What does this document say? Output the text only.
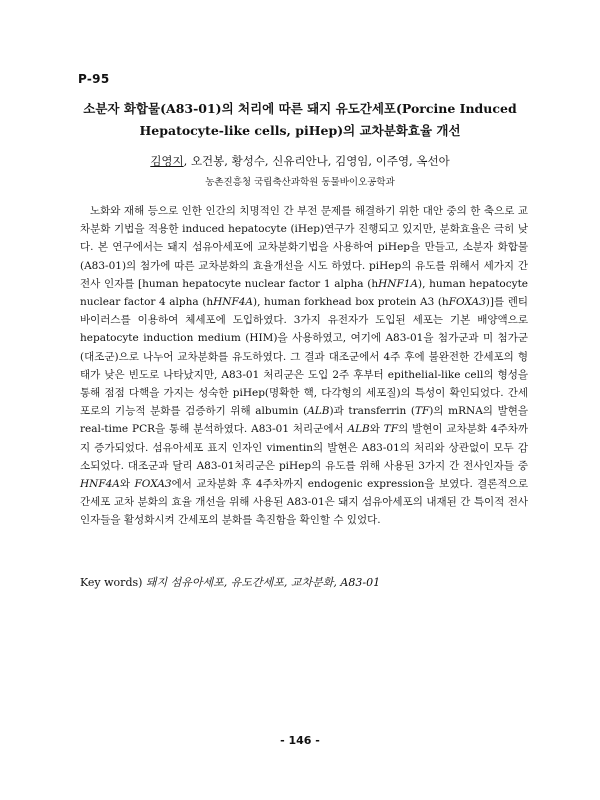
P-95
소분자 화합물(A83-01)의 처리에 따른 돼지 유도간세포(Porcine Induced
Hepatocyte-like cells, piHep)의 교차분화효율 개선
김영지, 오건봉, 황성수, 신유리안나, 김영임, 이주영, 옥선아
농촌진흥청 국립축산과학원 동물바이오공학과
노화와 재해 등으로 인한 인간의 치명적인 간 부전 문제를 해결하기 위한 대안 중의 한 축으로 교차분화 기법을 적용한 induced hepatocyte (iHep)연구가 진행되고 있지만, 분화효율은 극히 낮다. 본 연구에서는 돼지 섬유아세포에 교차분화기법을 사용하여 piHep을 만들고, 소분자 화합물(A83-01)의 첨가에 따른 교차분화의 효율개선을 시도 하였다. piHep의 유도를 위해서 세가지 간 전사 인자를 [human hepatocyte nuclear factor 1 alpha (hHNF1A), human hepatocyte nuclear factor 4 alpha (hHNF4A), human forkhead box protein A3 (hFOXA3)]를 렌티바이러스를 이용하여 체세포에 도입하였다. 3가지 유전자가 도입된 세포는 기본 배양액으로 hepatocyte induction medium (HIM)을 사용하였고, 여기에 A83-01을 첨가군과 미 첨가군(대조군)으로 나누어 교차분화를 유도하였다. 그 결과 대조군에서 4주 후에 불완전한 간세포의 형태가 낮은 빈도로 나타났지만, A83-01 처리군은 도입 2주 후부터 epithelial-like cell의 형성을 통해 점점 다핵을 가지는 성숙한 piHep(명확한 핵, 다각형의 세포질)의 특성이 확인되었다. 간세포로의 기능적 분화를 검증하기 위해 albumin (ALB)과 transferrin (TF)의 mRNA의 발현을 real-time PCR을 통해 분석하였다. A83-01 처리군에서 ALB와 TF의 발현이 교차분화 4주차까지 증가되었다. 섬유아세포 표지 인자인 vimentin의 발현은 A83-01의 처리와 상관없이 모두 감소되었다. 대조군과 달리 A83-01처리군은 piHep의 유도를 위해 사용된 3가지 간 전사인자들 중 HNF4A와 FOXA3에서 교차분화 후 4주차까지 endogenic expression을 보였다. 결론적으로 간세포 교차 분화의 효율 개선을 위해 사용된 A83-01은 돼지 섬유아세포의 내재된 간 특이적 전사 인자들을 활성화시켜 간세포의 분화를 촉진함을 확인할 수 있었다.
Key words) 돼지 섬유아세포, 유도간세포, 교차분화, A83-01
- 146 -
